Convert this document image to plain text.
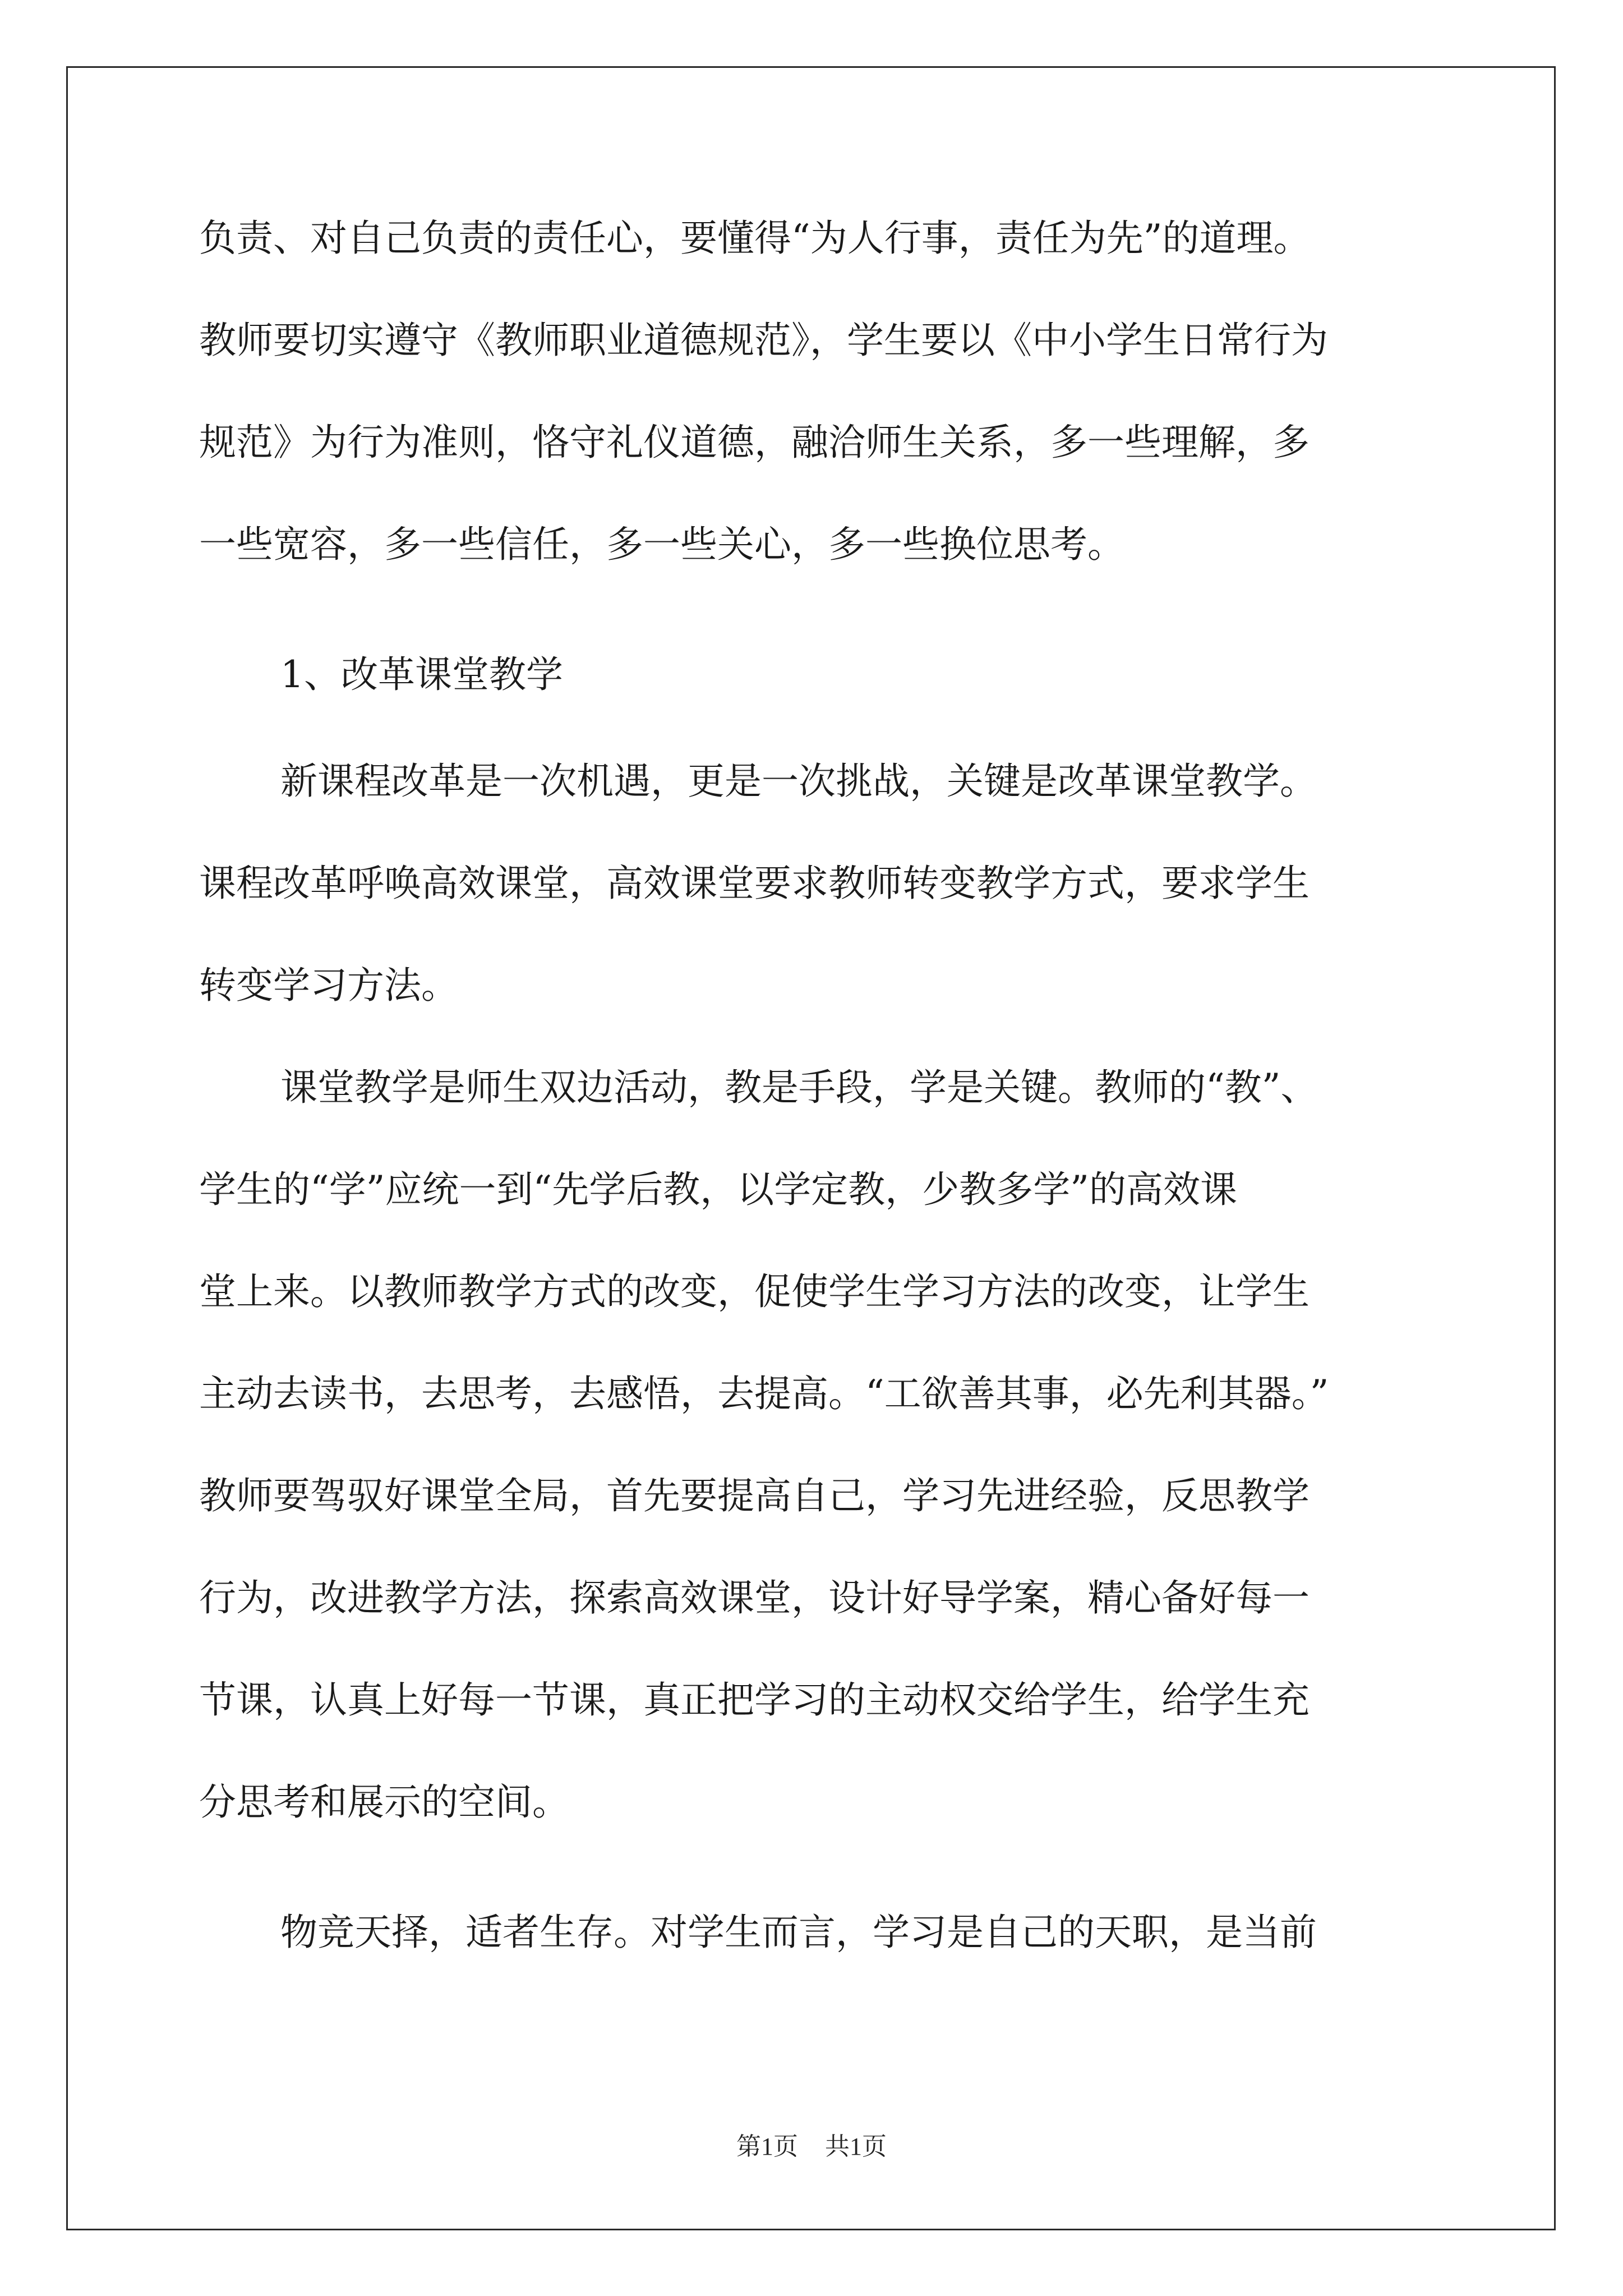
负责、对自己负责的责任心，要懂得“为人行事，责任为先”的道理。
教师要切实遵守《教师职业道德规范》，学生要以《中小学生日常行为
规范》为行为准则，恪守礼仪道德，融洽师生关系，多一些理解，多
一些宽容，多一些信任，多一些关心，多一些换位思考。
1、改革课堂教学
新课程改革是一次机遇，更是一次挑战，关键是改革课堂教学。
课程改革呼唤高效课堂，高效课堂要求教师转变教学方式，要求学生
转变学习方法。
课堂教学是师生双边活动，教是手段，学是关键。教师的“教”、
学生的“学”应统一到“先学后教，以学定教，少教多学”的高效课
堂上来。以教师教学方式的改变，促使学生学习方法的改变，让学生
主动去读书，去思考，去感悟，去提高。“工欲善其事，必先利其器。”
教师要驾驭好课堂全局，首先要提高自己，学习先进经验，反思教学
行为，改进教学方法，探索高效课堂，设计好导学案，精心备好每一
节课，认真上好每一节课，真正把学习的主动权交给学生，给学生充
分思考和展示的空间。
物竞天择，适者生存。对学生而言，学习是自己的天职，是当前
第1页 共1页
